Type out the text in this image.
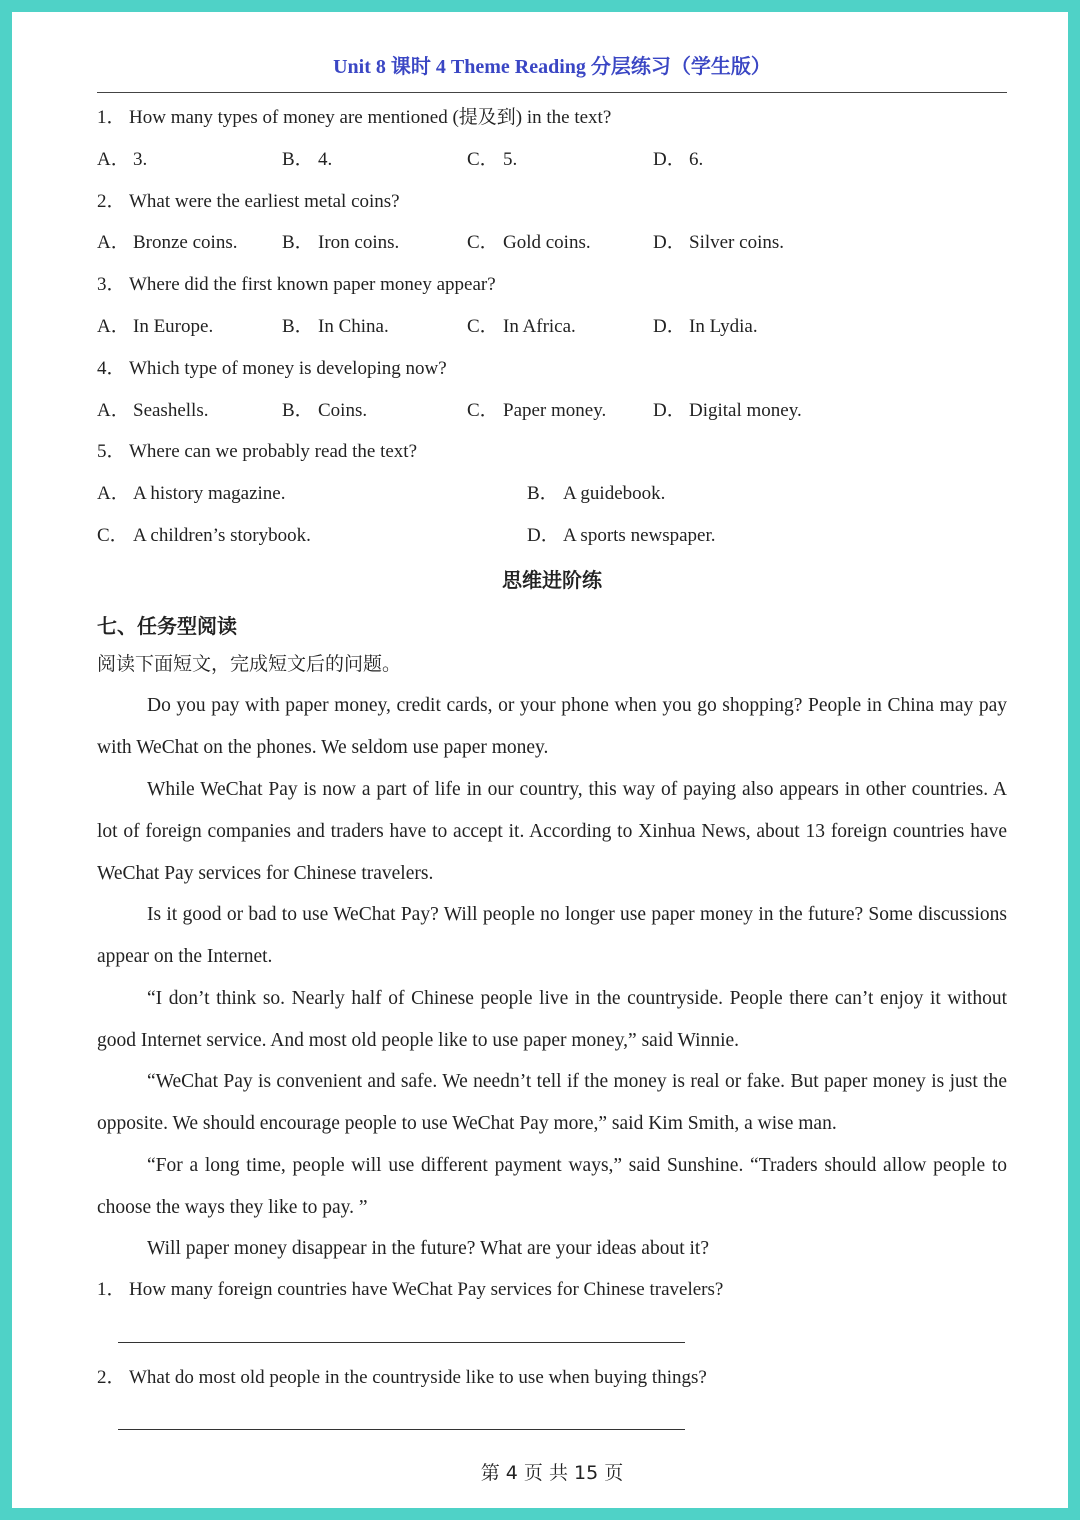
Unit 8 课时 4 Theme Reading 分层练习（学生版）
1． How many types of money are mentioned (提及到) in the text?
A． 3.	B． 4.	C． 5.	D． 6.
2． What were the earliest metal coins?
A． Bronze coins. B． Iron coins.	C． Gold coins.	D． Silver coins.
3． Where did the first known paper money appear?
A． In Europe.	B． In China.	C． In Africa.	D． In Lydia.
4． Which type of money is developing now?
A． Seashells.	B． Coins.	C． Paper money. D． Digital money.
5． Where can we probably read the text?
A． A history magazine.	B． A guidebook.
C． A children’s storybook.	D． A sports newspaper.
思维进阶练
七、任务型阅读
阅读下面短文，完成短文后的问题。
Do you pay with paper money, credit cards, or your phone when you go shopping? People in China may pay with WeChat on the phones. We seldom use paper money.
While WeChat Pay is now a part of life in our country, this way of paying also appears in other countries. A lot of foreign companies and traders have to accept it. According to Xinhua News, about 13 foreign countries have WeChat Pay services for Chinese travelers.
Is it good or bad to use WeChat Pay? Will people no longer use paper money in the future? Some discussions appear on the Internet.
“I don’t think so. Nearly half of Chinese people live in the countryside. People there can’t enjoy it without good Internet service. And most old people like to use paper money,” said Winnie.
“WeChat Pay is convenient and safe. We needn’t tell if the money is real or fake. But paper money is just the opposite. We should encourage people to use WeChat Pay more,” said Kim Smith, a wise man.
“For a long time, people will use different payment ways,” said Sunshine. “Traders should allow people to choose the ways they like to pay. ”
Will paper money disappear in the future? What are your ideas about it?
1． How many foreign countries have WeChat Pay services for Chinese travelers?
2． What do most old people in the countryside like to use when buying things?
第 4 页 共 15 页
